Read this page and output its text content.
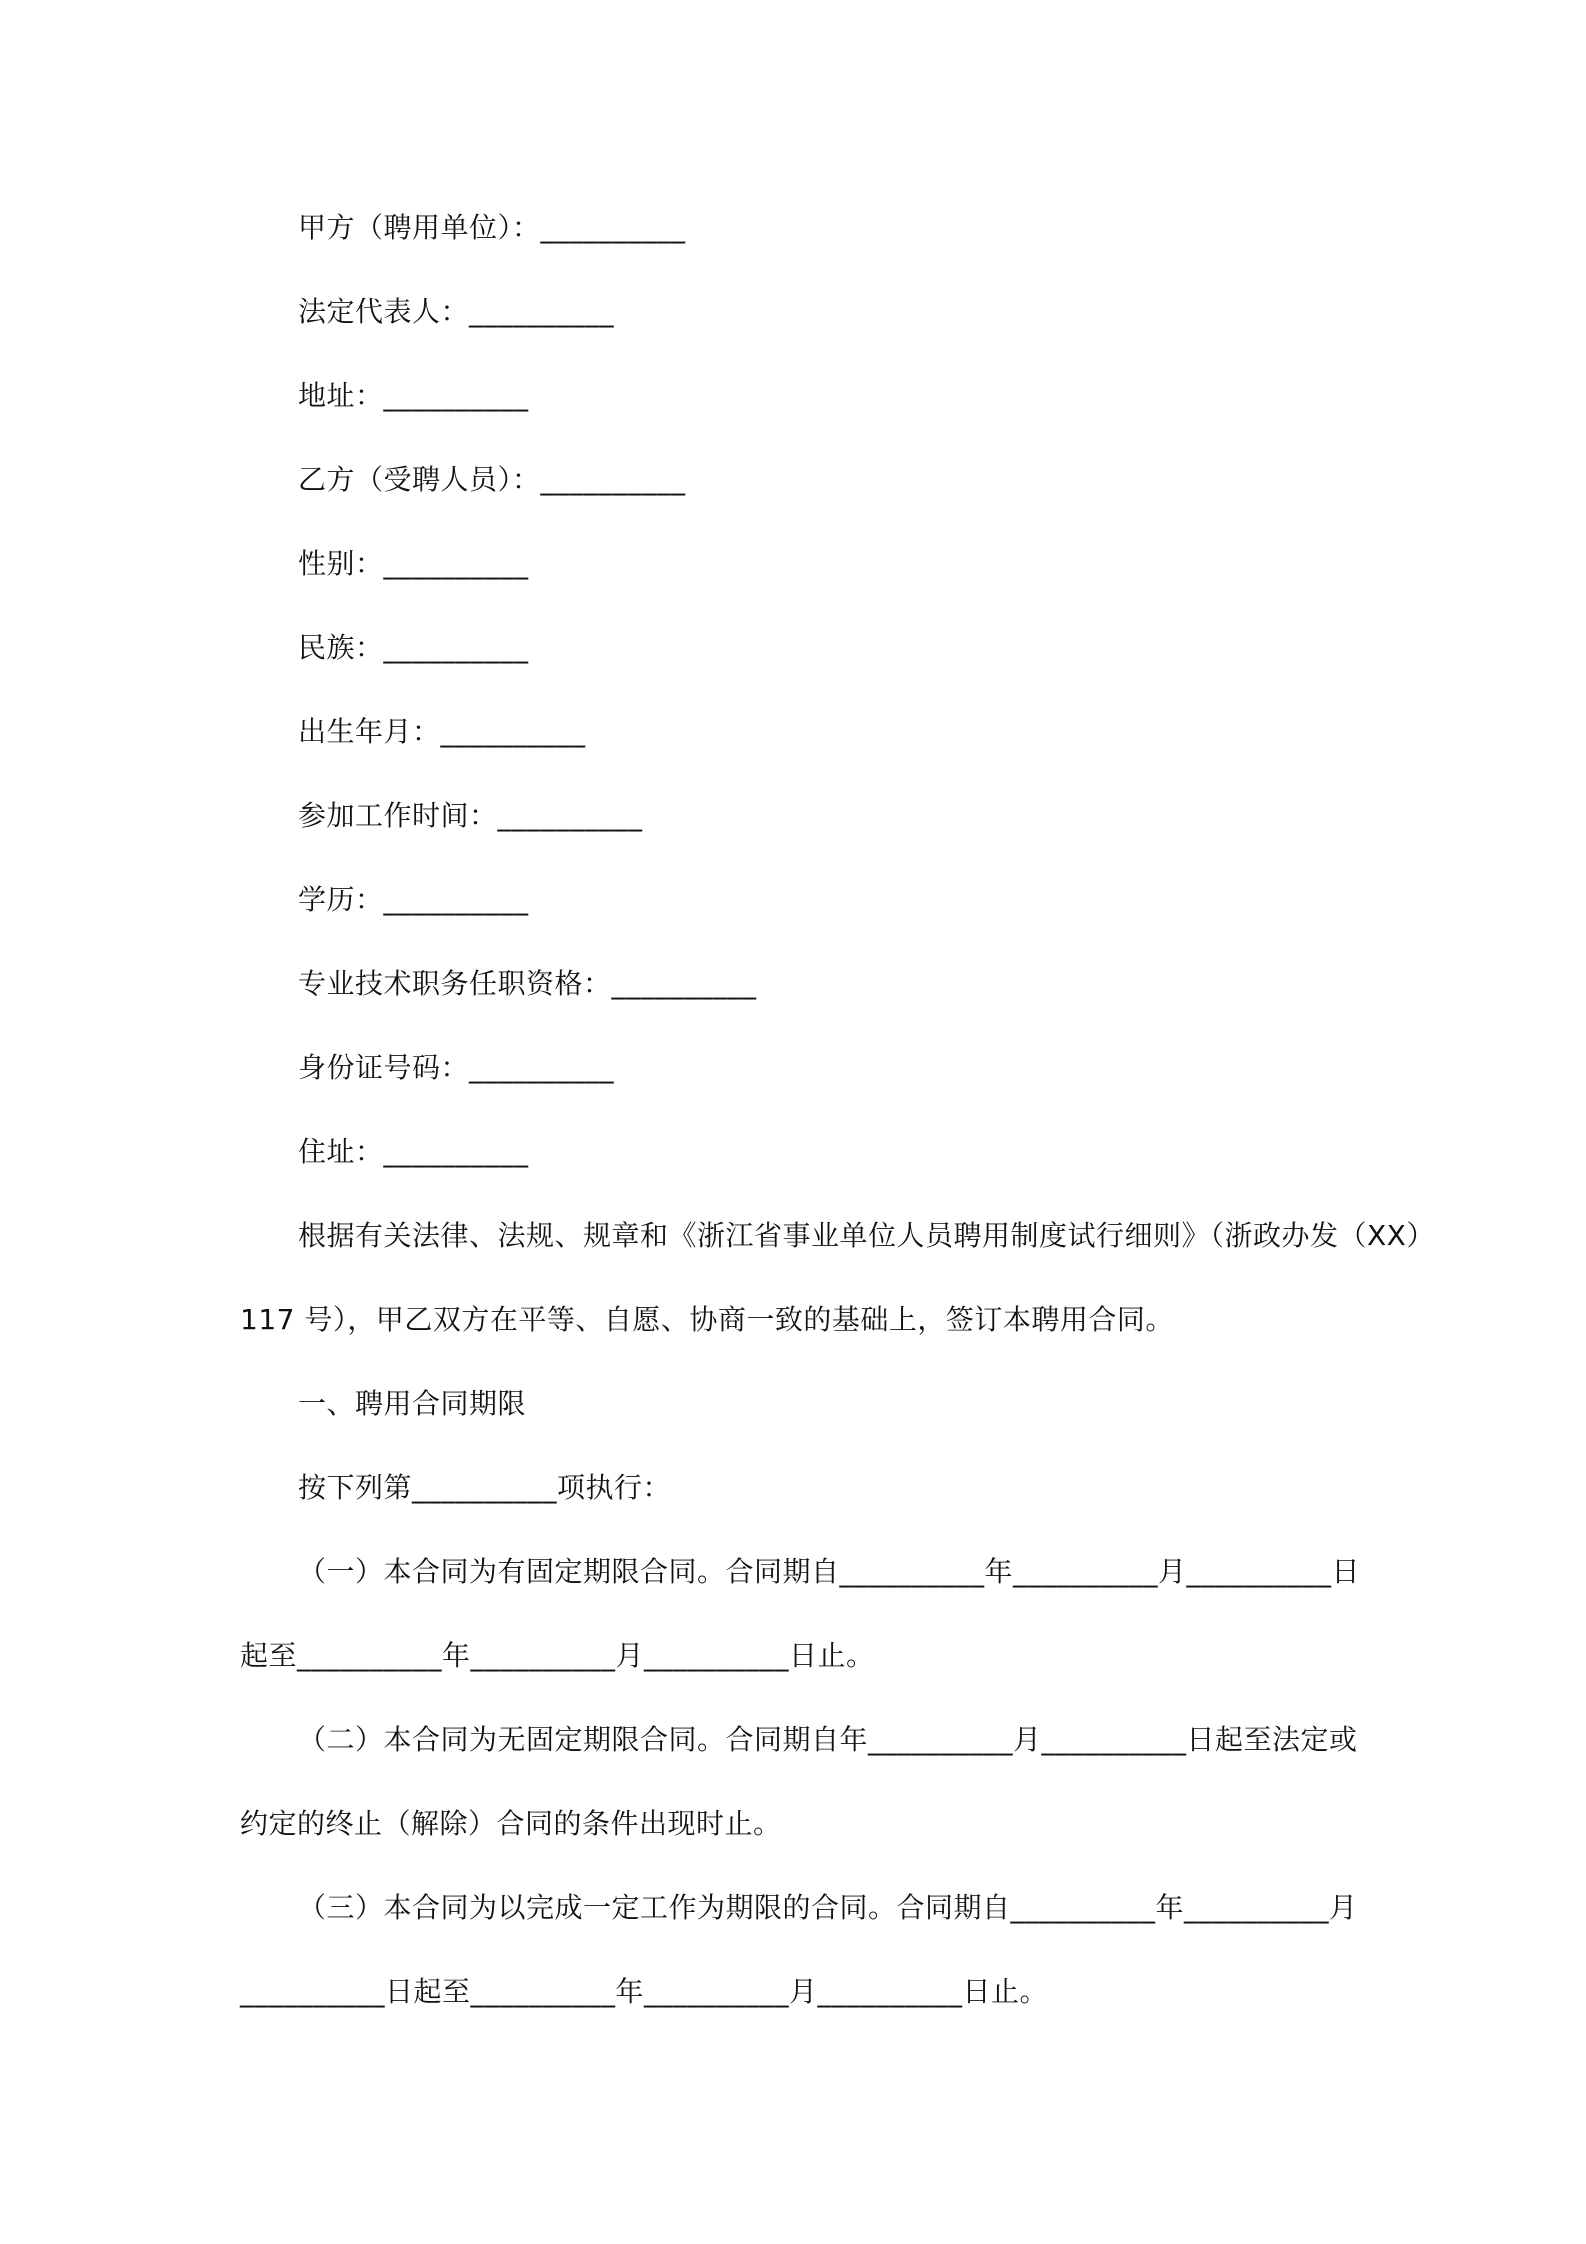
甲方（聘用单位）：__________
法定代表人：__________
地址：__________
乙方（受聘人员）：__________
性别：__________
民族：__________
出生年月：__________
参加工作时间：__________
学历：__________
专业技术职务任职资格：__________
身份证号码：__________
住址：__________
根据有关法律、法规、规章和《浙江省事业单位人员聘用制度试行细则》（浙政办发（XX）
117 号），甲乙双方在平等、自愿、协商一致的基础上，签订本聘用合同。
一、聘用合同期限
按下列第__________项执行：
（一）本合同为有固定期限合同。合同期自__________年__________月__________日
起至__________年__________月__________日止。
（二）本合同为无固定期限合同。合同期自年__________月__________日起至法定或
约定的终止（解除）合同的条件出现时止。
（三）本合同为以完成一定工作为期限的合同。合同期自__________年__________月
__________日起至__________年__________月__________日止。
